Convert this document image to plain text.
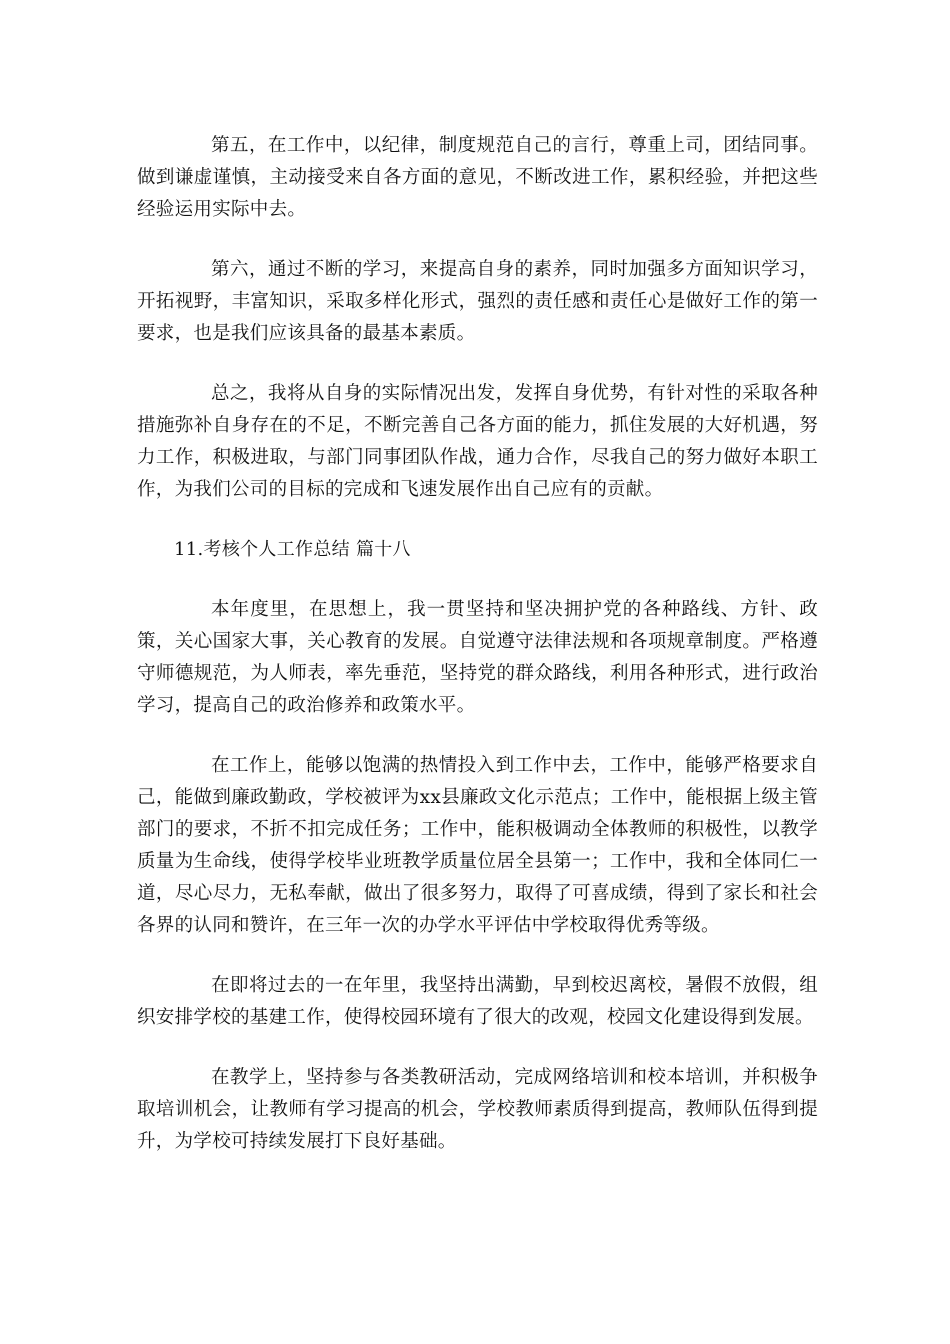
第五，在工作中，以纪律，制度规范自己的言行，尊重上司，团结同事。做到谦虚谨慎，主动接受来自各方面的意见，不断改进工作，累积经验，并把这些经验运用实际中去。

第六，通过不断的学习，来提高自身的素养，同时加强多方面知识学习，开拓视野，丰富知识，采取多样化形式，强烈的责任感和责任心是做好工作的第一要求，也是我们应该具备的最基本素质。

总之，我将从自身的实际情况出发，发挥自身优势，有针对性的采取各种措施弥补自身存在的不足，不断完善自己各方面的能力，抓住发展的大好机遇，努力工作，积极进取，与部门同事团队作战，通力合作，尽我自己的努力做好本职工作，为我们公司的目标的完成和飞速发展作出自己应有的贡献。

11.考核个人工作总结 篇十八

本年度里，在思想上，我一贯坚持和坚决拥护党的各种路线、方针、政策，关心国家大事，关心教育的发展。自觉遵守法律法规和各项规章制度。严格遵守师德规范，为人师表，率先垂范，坚持党的群众路线，利用各种形式，进行政治学习，提高自己的政治修养和政策水平。

在工作上，能够以饱满的热情投入到工作中去，工作中，能够严格要求自己，能做到廉政勤政，学校被评为xx县廉政文化示范点；工作中，能根据上级主管部门的要求，不折不扣完成任务；工作中，能积极调动全体教师的积极性，以教学质量为生命线，使得学校毕业班教学质量位居全县第一；工作中，我和全体同仁一道，尽心尽力，无私奉献，做出了很多努力，取得了可喜成绩，得到了家长和社会各界的认同和赞许，在三年一次的办学水平评估中学校取得优秀等级。

在即将过去的一在年里，我坚持出满勤，早到校迟离校，暑假不放假，组织安排学校的基建工作，使得校园环境有了很大的改观，校园文化建设得到发展。

在教学上，坚持参与各类教研活动，完成网络培训和校本培训，并积极争取培训机会，让教师有学习提高的机会，学校教师素质得到提高，教师队伍得到提升，为学校可持续发展打下良好基础。
